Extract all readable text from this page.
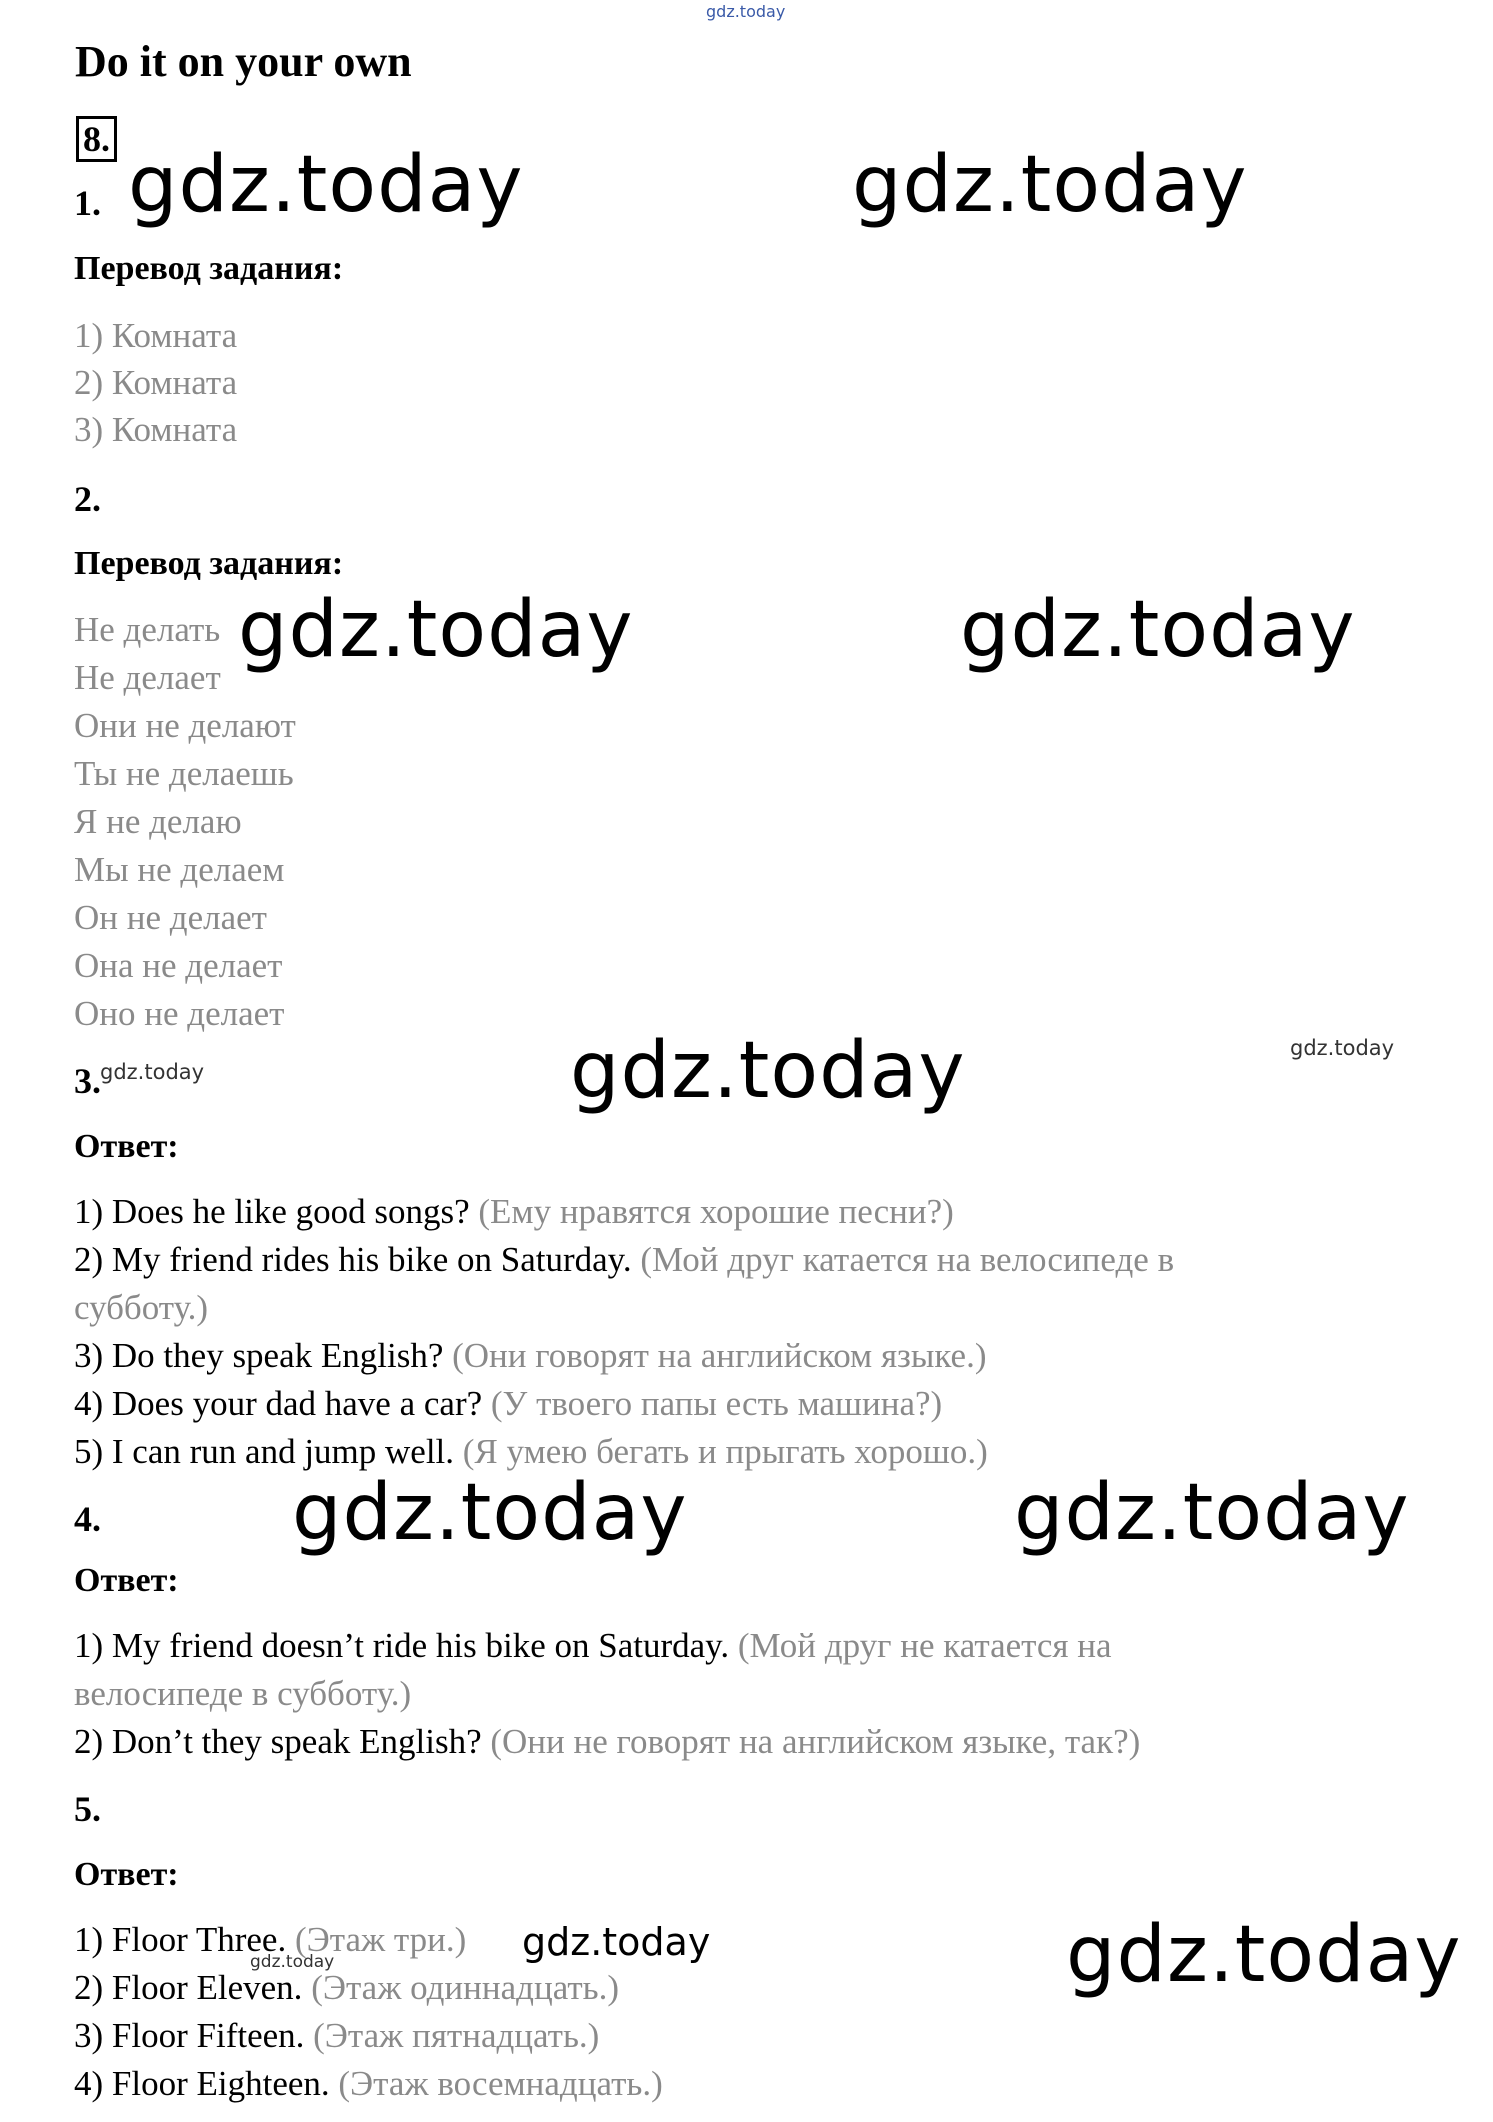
gdz.today
Do it on your own
8.
1. gdz.today	gdz.today
Перевод задания:
1) Комната
2) Комната
3) Комната
2.
Перевод задания:
Не делать gdz.today	gdz.today
Не делает
Они не делают
Ты не делаешь
Я не делаю
Мы не делаем
Он не делает
Она не делает
Оно не делает
3. gdz.today	gdz.today	gdz.today
Ответ:
1) Does he like good songs? (Ему нравятся хорошие песни?)
2) My friend rides his bike on Saturday. (Мой друг катается на велосипеде в
субботу.)
3) Do they speak English? (Они говорят на английском языке.)
4) Does your dad have a car? (У твоего папы есть машина?)
5) I can run and jump well. (Я умею бегать и прыгать хорошо.)
4. gdz.today	gdz.today
Ответ:
1) My friend doesn’t ride his bike on Saturday. (Мой друг не катается на
велосипеде в субботу.)
2) Don’t they speak English? (Они не говорят на английском языке, так?)
5.
Ответ:
1) Floor Three. (Этаж три.) gdz.today
gdz.today	gdz.today
2) Floor Eleven. (Этаж одиннадцать.)
3) Floor Fifteen. (Этаж пятнадцать.)
4) Floor Eighteen. (Этаж восемнадцать.)
